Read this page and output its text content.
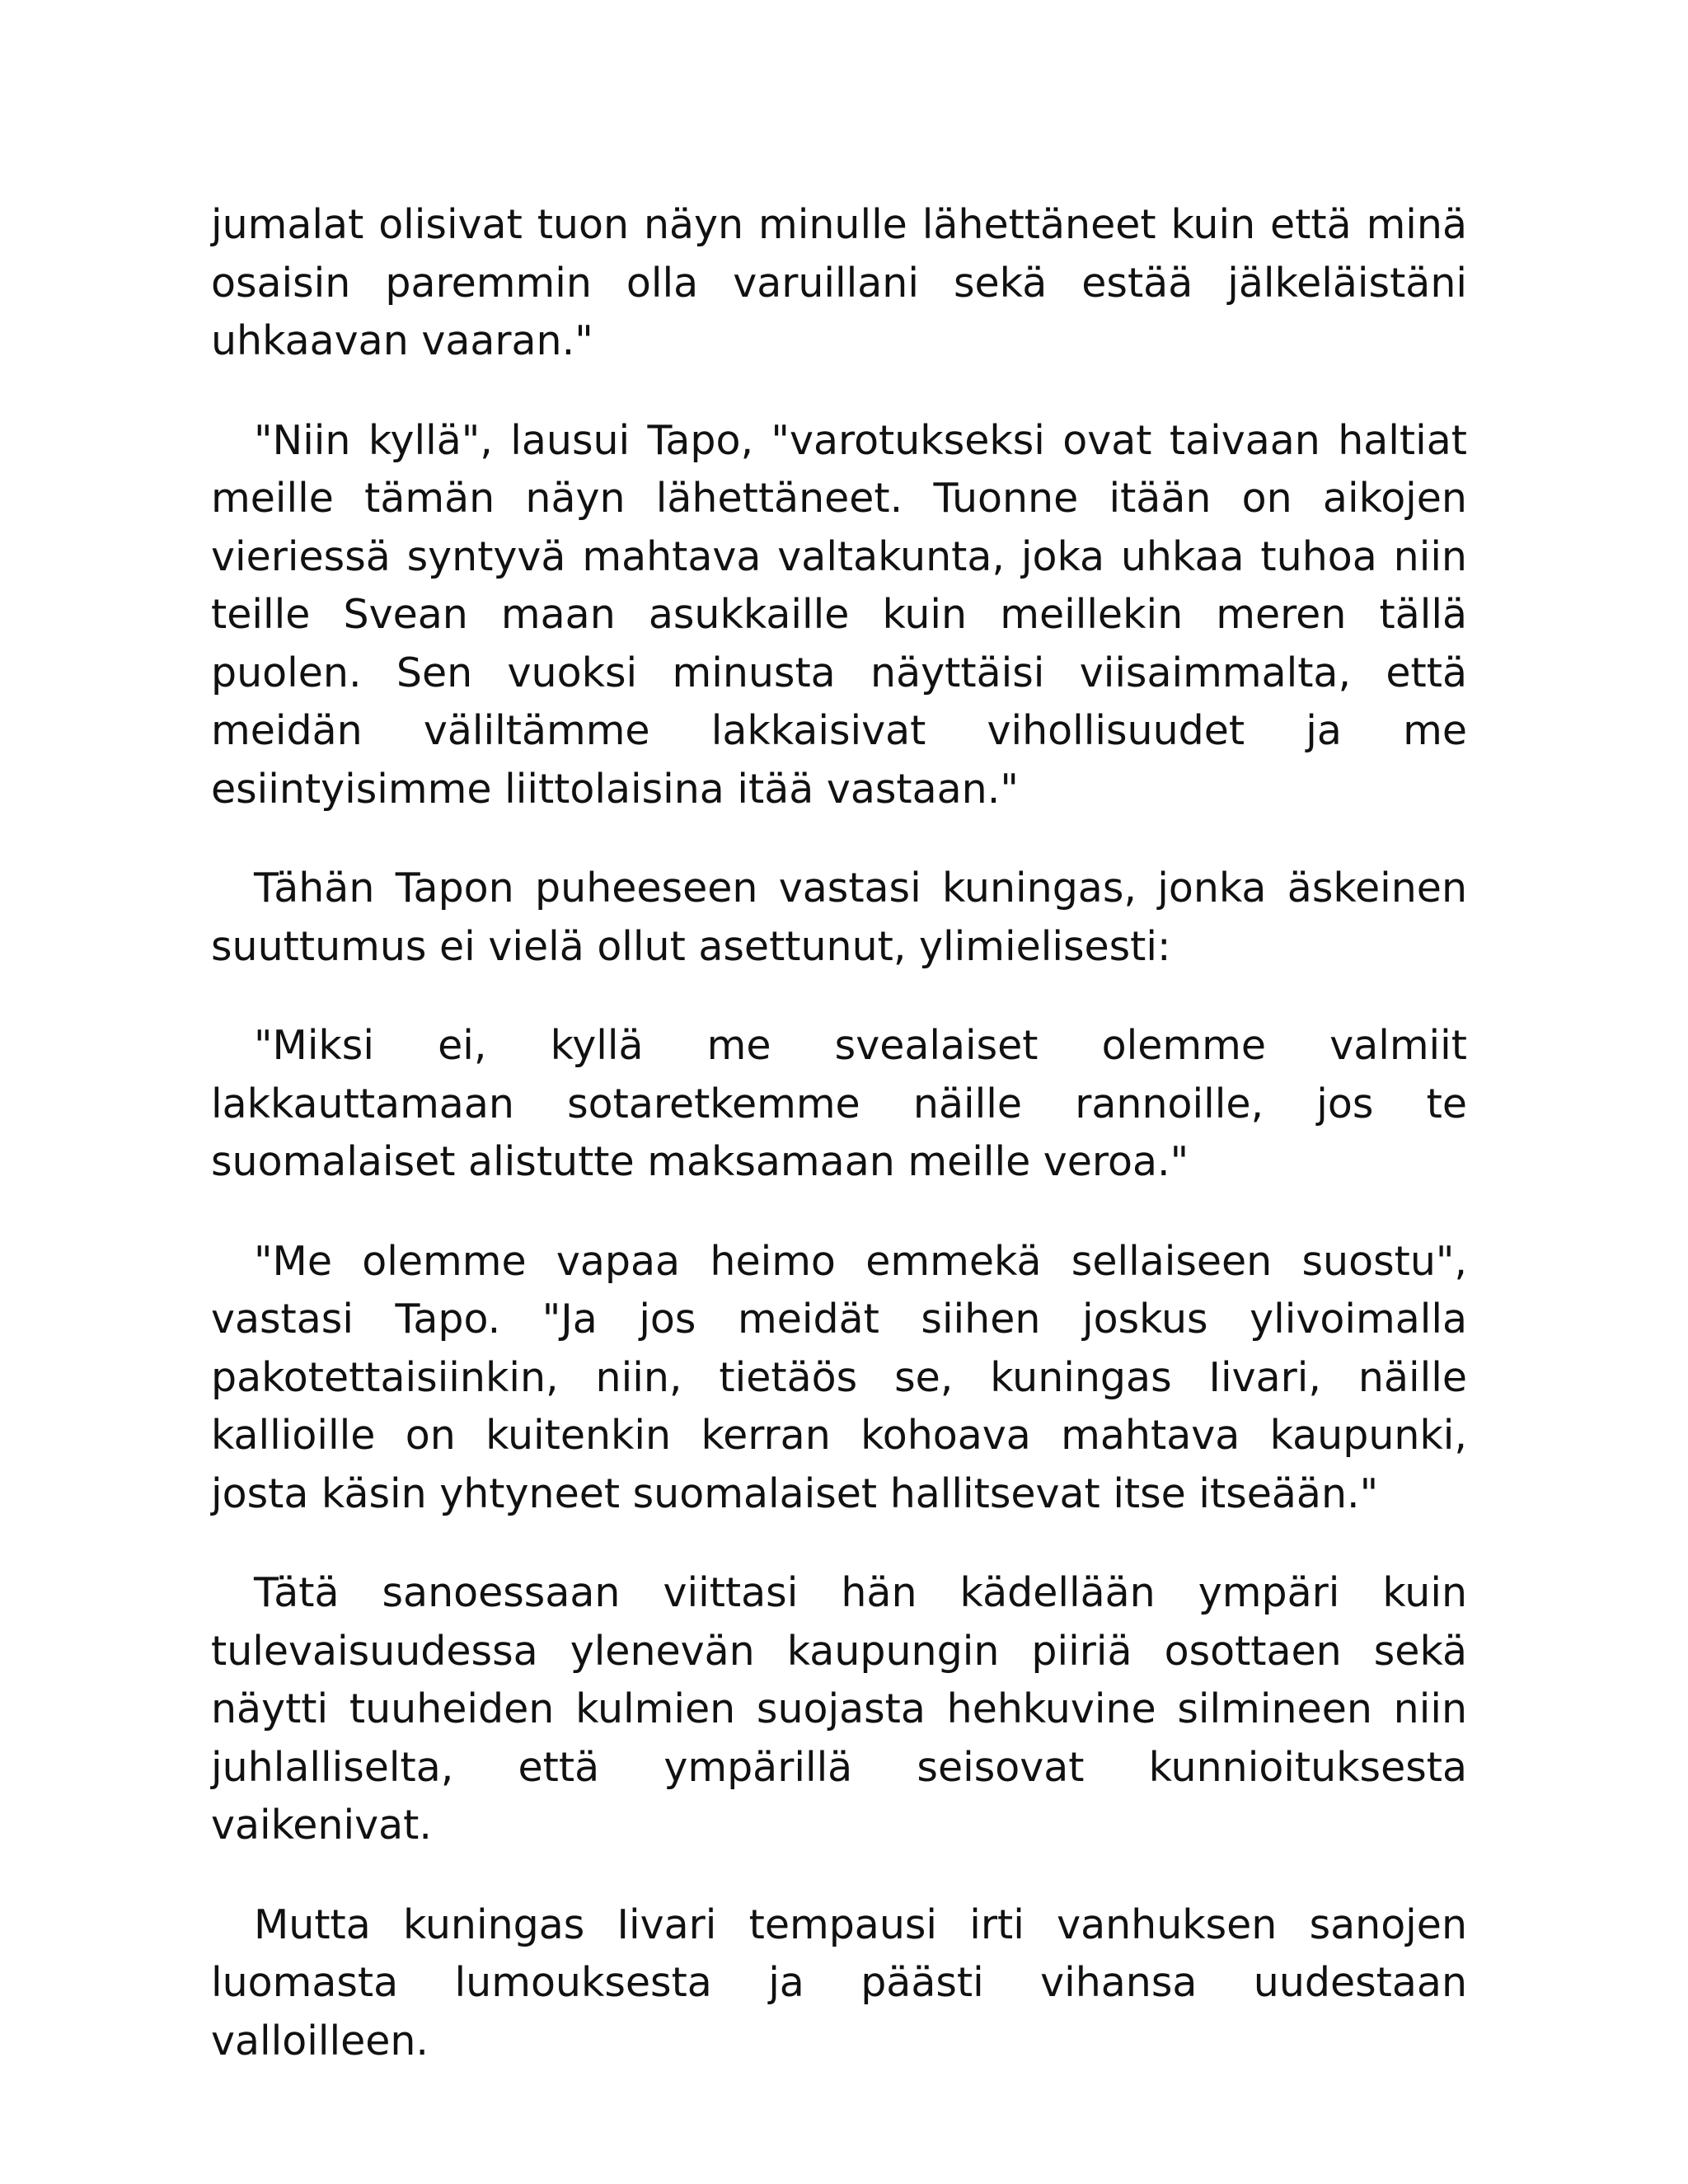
jumalat olisivat tuon näyn minulle lähettäneet kuin että minä osaisin paremmin olla varuillani sekä estää jälkeläistäni uhkaavan vaaran."

"Niin kyllä", lausui Tapo, "varotukseksi ovat taivaan haltiat meille tämän näyn lähettäneet. Tuonne itään on aikojen vieriessä syntyvä mahtava valtakunta, joka uhkaa tuhoa niin teille Svean maan asukkaille kuin meillekin meren tällä puolen. Sen vuoksi minusta näyttäisi viisaimmalta, että meidän väliltämme lakkaisivat vihollisuudet ja me esiintyisimme liittolaisina itää vastaan."

Tähän Tapon puheeseen vastasi kuningas, jonka äskeinen suuttumus ei vielä ollut asettunut, ylimielisesti:

"Miksi ei, kyllä me svealaiset olemme valmiit lakkauttamaan sotaretkemme näille rannoille, jos te suomalaiset alistutte maksamaan meille veroa."

"Me olemme vapaa heimo emmekä sellaiseen suostu", vastasi Tapo. "Ja jos meidät siihen joskus ylivoimalla pakotettaisiinkin, niin, tietäös se, kuningas Iivari, näille kallioille on kuitenkin kerran kohoava mahtava kaupunki, josta käsin yhtyneet suomalaiset hallitsevat itse itseään."

Tätä sanoessaan viittasi hän kädellään ympäri kuin tulevaisuudessa ylenevän kaupungin piiriä osottaen sekä näytti tuuheiden kulmien suojasta hehkuvine silmineen niin juhlalliselta, että ympärillä seisovat kunnioituksesta vaikenivat.

Mutta kuningas Iivari tempausi irti vanhuksen sanojen luomasta lumouksesta ja päästi vihansa uudestaan valloilleen.
